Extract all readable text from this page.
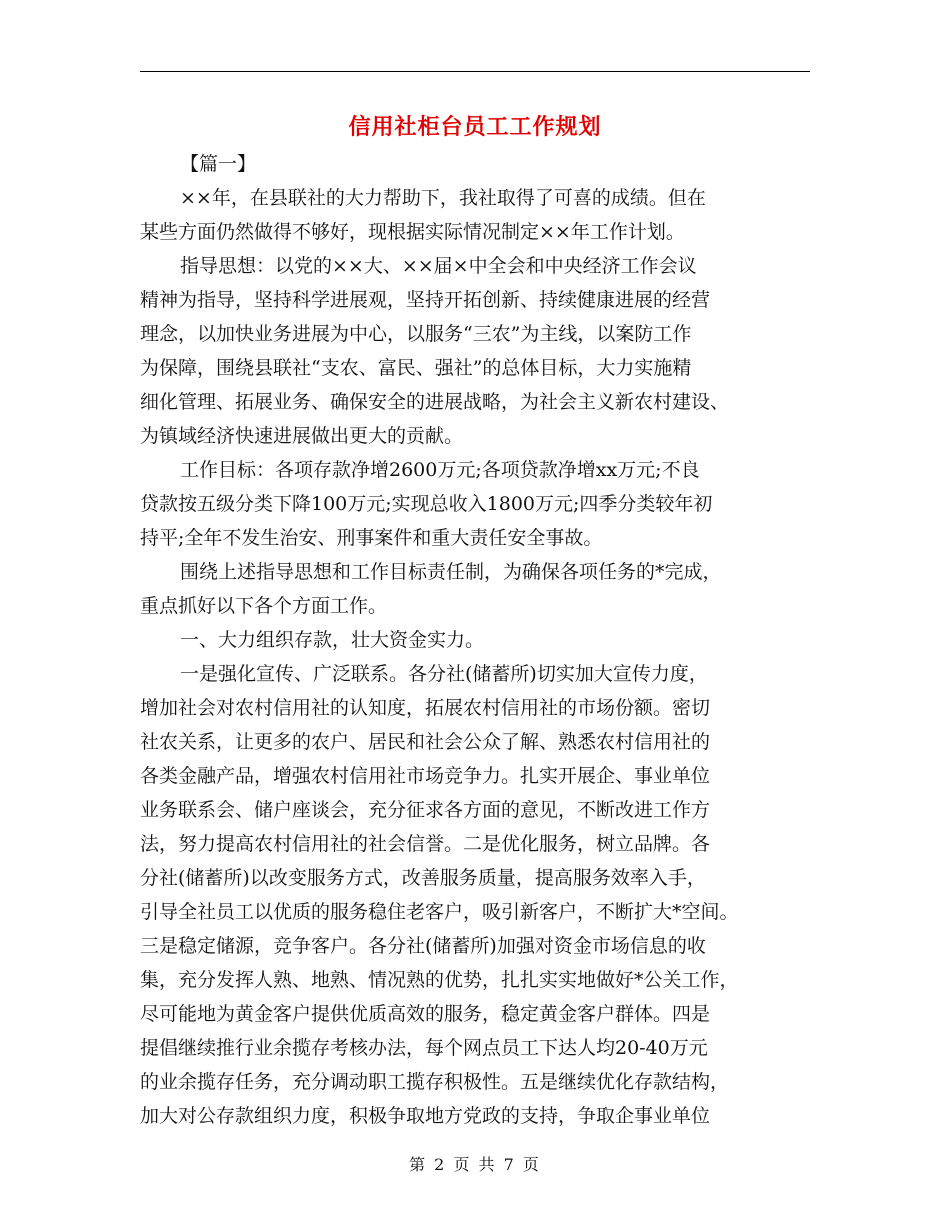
信用社柜台员工工作规划
【篇一】
××年，在县联社的大力帮助下，我社取得了可喜的成绩。但在
某些方面仍然做得不够好，现根据实际情况制定××年工作计划。
指导思想：以党的××大、××届×中全会和中央经济工作会议
精神为指导，坚持科学进展观，坚持开拓创新、持续健康进展的经营
理念，以加快业务进展为中心，以服务“三农”为主线，以案防工作
为保障，围绕县联社“支农、富民、强社”的总体目标，大力实施精
细化管理、拓展业务、确保安全的进展战略，为社会主义新农村建设、
为镇域经济快速进展做出更大的贡献。
工作目标：各项存款净增2600万元;各项贷款净增xx万元;不良
贷款按五级分类下降100万元;实现总收入1800万元;四季分类较年初
持平;全年不发生治安、刑事案件和重大责任安全事故。
围绕上述指导思想和工作目标责任制，为确保各项任务的*完成，
重点抓好以下各个方面工作。
一、大力组织存款，壮大资金实力。
一是强化宣传、广泛联系。各分社(储蓄所)切实加大宣传力度，
增加社会对农村信用社的认知度，拓展农村信用社的市场份额。密切
社农关系，让更多的农户、居民和社会公众了解、熟悉农村信用社的
各类金融产品，增强农村信用社市场竞争力。扎实开展企、事业单位
业务联系会、储户座谈会，充分征求各方面的意见，不断改进工作方
法，努力提高农村信用社的社会信誉。二是优化服务，树立品牌。各
分社(储蓄所)以改变服务方式，改善服务质量，提高服务效率入手，
引导全社员工以优质的服务稳住老客户，吸引新客户，不断扩大*空间。
三是稳定储源，竞争客户。各分社(储蓄所)加强对资金市场信息的收
集，充分发挥人熟、地熟、情况熟的优势，扎扎实实地做好*公关工作，
尽可能地为黄金客户提供优质高效的服务，稳定黄金客户群体。四是
提倡继续推行业余揽存考核办法，每个网点员工下达人均20-40万元
的业余揽存任务，充分调动职工揽存积极性。五是继续优化存款结构，
加大对公存款组织力度，积极争取地方党政的支持，争取企事业单位
第 2 页 共 7 页
